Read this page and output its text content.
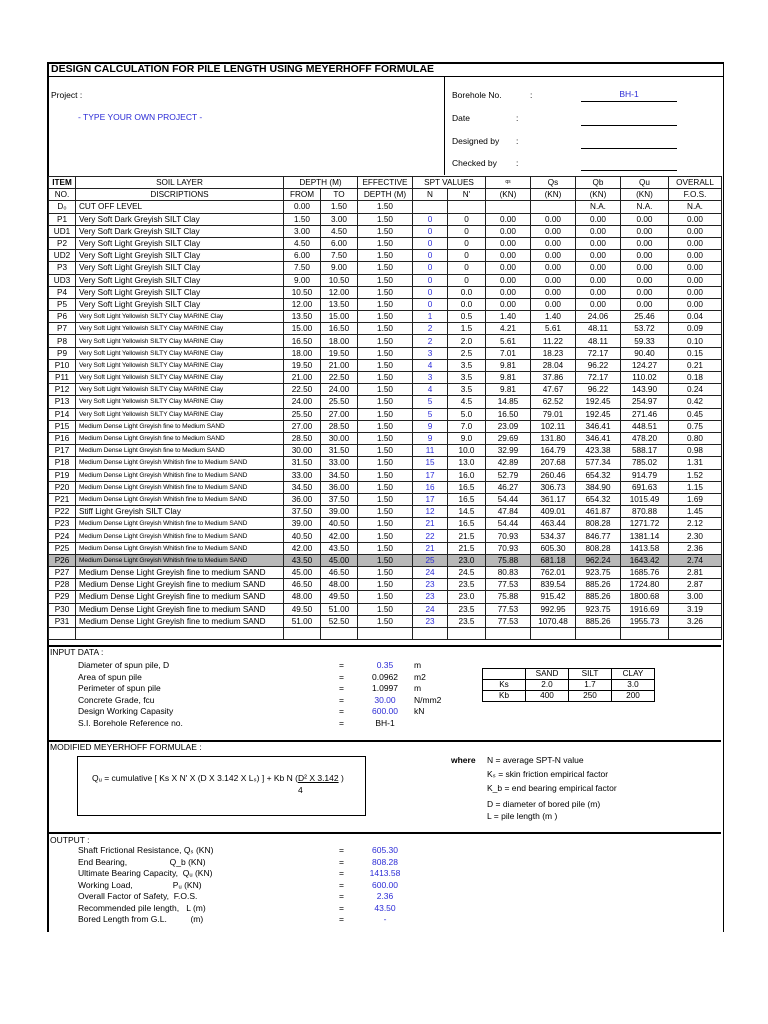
DESIGN CALCULATION FOR PILE LENGTH USING MEYERHOFF FORMULAE
Project :
- TYPE YOUR OWN PROJECT -
Borehole No.	:	BH-1
Date	:
Designed by :
Checked by :
ITEM	SOIL LAYER	DEPTH (M)		EFFECTIVE	SPT VALUES		qs	Qs	Qb	Qu	OVERALL
NO.	DISCRIPTIONS	FROM	TO	DEPTH (M)	N	N'	(KN)	(KN)	(KN)	(KN)	F.O.S.
D₀	CUT OFF LEVEL	0.00	1.50	1.50					N.A.	N.A.	N.A.
P1	Very Soft Dark Greyish SILT Clay	1.50	3.00	1.50	0	0	0.00	0.00	0.00	0.00	0.00
UD1	Very Soft Dark Greyish SILT Clay	3.00	4.50	1.50	0	0	0.00	0.00	0.00	0.00	0.00
P2	Very Soft Light Greyish SILT Clay	4.50	6.00	1.50	0	0	0.00	0.00	0.00	0.00	0.00
UD2	Very Soft Light Greyish SILT Clay	6.00	7.50	1.50	0	0	0.00	0.00	0.00	0.00	0.00
P3	Very Soft Light Greyish SILT Clay	7.50	9.00	1.50	0	0	0.00	0.00	0.00	0.00	0.00
UD3	Very Soft Light Greyish SILT Clay	9.00	10.50	1.50	0	0	0.00	0.00	0.00	0.00	0.00
P4	Very Soft Light Greyish SILT Clay	10.50	12.00	1.50	0	0.0	0.00	0.00	0.00	0.00	0.00
P5	Very Soft Light Greyish SILT Clay	12.00	13.50	1.50	0	0.0	0.00	0.00	0.00	0.00	0.00
P6	Very Soft Light Yellowish SILTY Clay MARINE Clay	13.50	15.00	1.50	1	0.5	1.40	1.40	24.06	25.46	0.04
P7	Very Soft Light Yellowish SILTY Clay MARINE Clay	15.00	16.50	1.50	2	1.5	4.21	5.61	48.11	53.72	0.09
P8	Very Soft Light Yellowish SILTY Clay MARINE Clay	16.50	18.00	1.50	2	2.0	5.61	11.22	48.11	59.33	0.10
P9	Very Soft Light Yellowish SILTY Clay MARINE Clay	18.00	19.50	1.50	3	2.5	7.01	18.23	72.17	90.40	0.15
P10	Very Soft Light Yellowish SILTY Clay MARINE Clay	19.50	21.00	1.50	4	3.5	9.81	28.04	96.22	124.27	0.21
P11	Very Soft Light Yellowish SILTY Clay MARINE Clay	21.00	22.50	1.50	3	3.5	9.81	37.86	72.17	110.02	0.18
P12	Very Soft Light Yellowish SILTY Clay MARINE Clay	22.50	24.00	1.50	4	3.5	9.81	47.67	96.22	143.90	0.24
P13	Very Soft Light Yellowish SILTY Clay MARINE Clay	24.00	25.50	1.50	5	4.5	14.85	62.52	192.45	254.97	0.42
P14	Very Soft Light Yellowish SILTY Clay MARINE Clay	25.50	27.00	1.50	5	5.0	16.50	79.01	192.45	271.46	0.45
P15	Medium Dense Light Greyish fine to Medium SAND	27.00	28.50	1.50	9	7.0	23.09	102.11	346.41	448.51	0.75
P16	Medium Dense Light Greyish fine to Medium SAND	28.50	30.00	1.50	9	9.0	29.69	131.80	346.41	478.20	0.80
P17	Medium Dense Light Greyish fine to Medium SAND	30.00	31.50	1.50	11	10.0	32.99	164.79	423.38	588.17	0.98
P18	Medium Dense Light Greyish Whitish fine to Medium SAND	31.50	33.00	1.50	15	13.0	42.89	207.68	577.34	785.02	1.31
P19	Medium Dense Light Greyish Whitish fine to Medium SAND	33.00	34.50	1.50	17	16.0	52.79	260.46	654.32	914.79	1.52
P20	Medium Dense Light Greyish Whitish fine to Medium SAND	34.50	36.00	1.50	16	16.5	46.27	306.73	384.90	691.63	1.15
P21	Medium Dense Light Greyish Whitish fine to Medium SAND	36.00	37.50	1.50	17	16.5	54.44	361.17	654.32	1015.49	1.69
P22	Stiff Light Greyish SILT Clay	37.50	39.00	1.50	12	14.5	47.84	409.01	461.87	870.88	1.45
P23	Medium Dense Light Greyish Whitish fine to Medium SAND	39.00	40.50	1.50	21	16.5	54.44	463.44	808.28	1271.72	2.12
P24	Medium Dense Light Greyish Whitish fine to Medium SAND	40.50	42.00	1.50	22	21.5	70.93	534.37	846.77	1381.14	2.30
P25	Medium Dense Light Greyish Whitish fine to Medium SAND	42.00	43.50	1.50	21	21.5	70.93	605.30	808.28	1413.58	2.36
P26	Medium Dense Light Greyish Whitish fine to Medium SAND	43.50	45.00	1.50	25	23.0	75.88	681.18	962.24	1643.42	2.74
P27	Medium Dense Light Greyish fine to medium SAND	45.00	46.50	1.50	24	24.5	80.83	762.01	923.75	1685.76	2.81
P28	Medium Dense Light Greyish fine to medium SAND	46.50	48.00	1.50	23	23.5	77.53	839.54	885.26	1724.80	2.87
P29	Medium Dense Light Greyish fine to medium SAND	48.00	49.50	1.50	23	23.0	75.88	915.42	885.26	1800.68	3.00
P30	Medium Dense Light Greyish fine to medium SAND	49.50	51.00	1.50	24	23.5	77.53	992.95	923.75	1916.69	3.19
P31	Medium Dense Light Greyish fine to medium SAND	51.00	52.50	1.50	23	23.5	77.53	1070.48	885.26	1955.73	3.26

INPUT DATA :
Diameter of spun pile, D	=	0.35	m
Area of spun pile	=	0.0962	m2
Perimeter of spun pile	=	1.0997	m
Concrete Grade, fcu	=	30.00	N/mm2
Design Working Capasity	=	600.00	kN
S.I. Borehole Reference no.	=	BH-1
	SAND	SILT	CLAY
Ks	2.0	1.7	3.0
Kb	400	250	200
MODIFIED MEYERHOFF FORMULAE :
Qᵤ = cumulative [ Ks X N' X (D X 3.142 X Lₛ) ] + Kb N (D² X 3.142 )
4
where N = average SPT-N value
Kₛ = skin friction empirical factor
K_b = end bearing empirical factor
D = diameter of bored pile (m)
L = pile length (m )
OUTPUT :
Shaft Frictional Resistance, Qₛ (KN)	=	605.30
End Bearing,                  Q_b (KN)	=	808.28
Ultimate Bearing Capacity,  Qᵤ (KN)	=	1413.58
Working Load,                 Pᵤ (KN)	=	600.00
Overall Factor of Safety,  F.O.S.	=	2.36
Recommended pile length,   L (m)	=	43.50
Bored Length from G.L.          (m)	=	-
